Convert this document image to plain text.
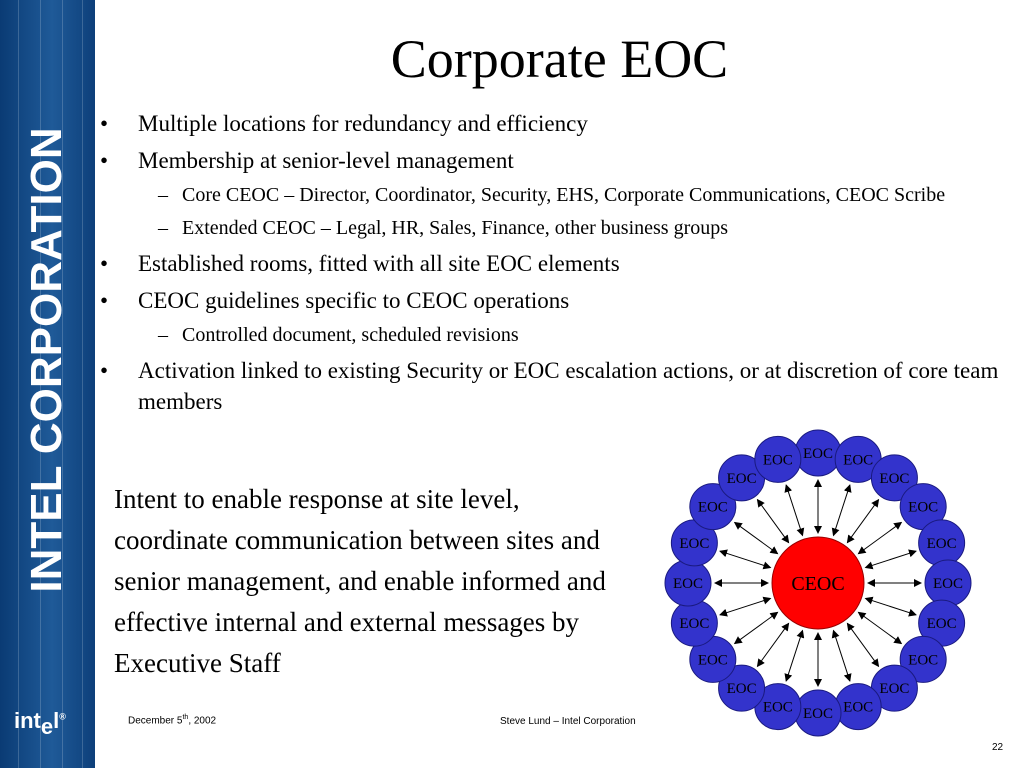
INTEL CORPORATION
intel®
Corporate EOC
• Multiple locations for redundancy and efficiency
• Membership at senior-level management
– Core CEOC – Director, Coordinator, Security, EHS, Corporate Communications, CEOC Scribe
– Extended CEOC – Legal, HR, Sales, Finance, other business groups
• Established rooms, fitted with all site EOC elements
• CEOC guidelines specific to CEOC operations
– Controlled document, scheduled revisions
• Activation linked to existing Security or EOC escalation actions, or at discretion of core team members
Intent to enable response at site level, coordinate communication between sites and senior management, and enable informed and effective internal and external messages by Executive Staff
EOC EOC
EOC
EOC
EOC
EOC
EOC
EOC
EOC
EOC
EOC
EOC
EOC
EOC
EOC
EOC
EOC
EOC
EOC
EOC
CEOC
December 5th, 2002	Steve Lund – Intel Corporation
22
